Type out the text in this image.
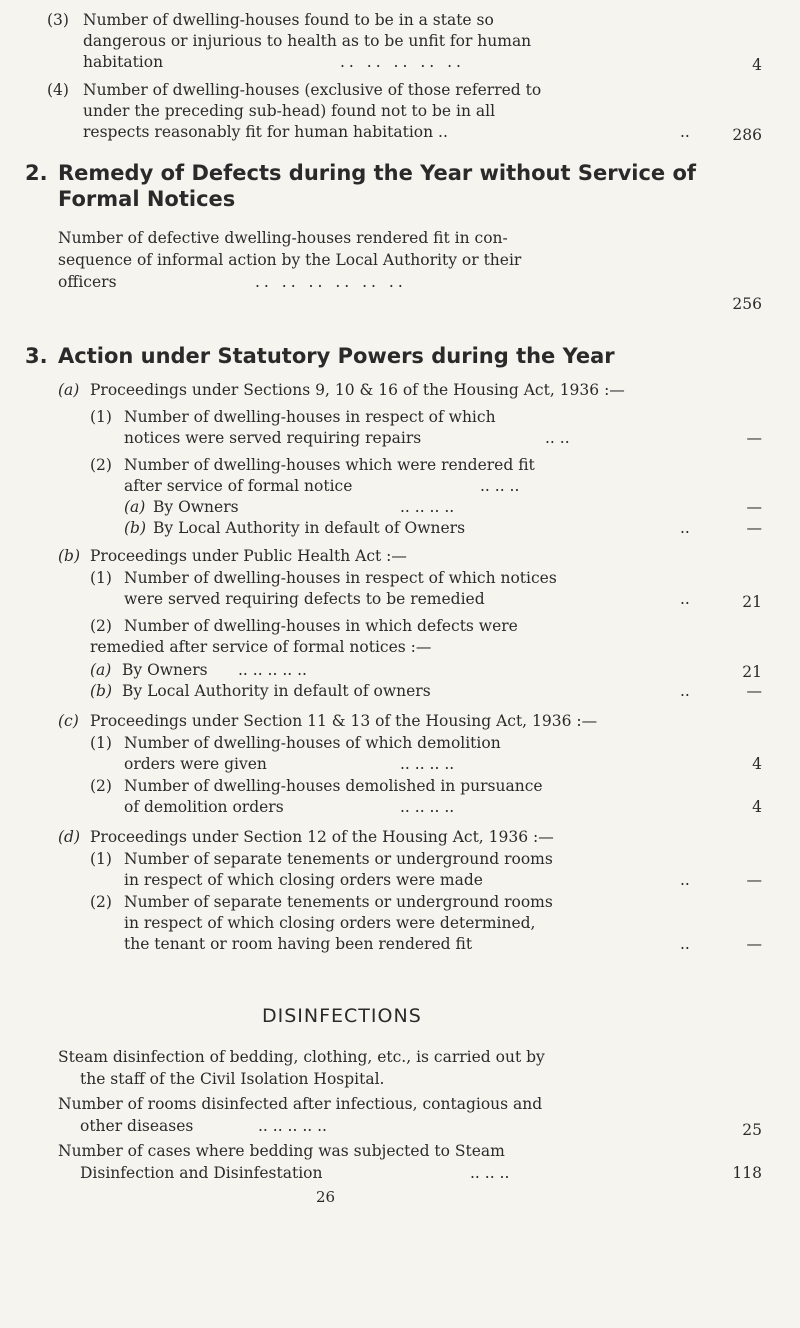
(3) Number of dwelling-houses found to be in a state so
dangerous or injurious to health as to be unfit for human
habitation	.. .. .. .. ..	4
(4) Number of dwelling-houses (exclusive of those referred to
under the preceding sub-head) found not to be in all
respects reasonably fit for human habitation ..	..	286
2. Remedy of Defects during the Year without Service of
Formal Notices
Number of defective dwelling-houses rendered fit in con-
sequence of informal action by the Local Authority or their
officers	.. .. .. .. .. ..
256
3. Action under Statutory Powers during the Year
(a) Proceedings under Sections 9, 10 & 16 of the Housing Act, 1936 :—
(1) Number of dwelling-houses in respect of which
notices were served requiring repairs	.. ..	—
(2) Number of dwelling-houses which were rendered fit
after service of formal notice	.. .. ..
(a) By Owners	.. .. .. ..	—
(b) By Local Authority in default of Owners	..	—
(b) Proceedings under Public Health Act :—
(1) Number of dwelling-houses in respect of which notices
were served requiring defects to be remedied	..	21
(2) Number of dwelling-houses in which defects were
remedied after service of formal notices :—
(a) By Owners .. .. .. .. ..	21
(b) By Local Authority in default of owners	..	—
(c) Proceedings under Section 11 & 13 of the Housing Act, 1936 :—
(1) Number of dwelling-houses of which demolition
orders were given	.. .. .. ..	4
(2) Number of dwelling-houses demolished in pursuance
of demolition orders	.. .. .. ..	4
(d) Proceedings under Section 12 of the Housing Act, 1936 :—
(1) Number of separate tenements or underground rooms
in respect of which closing orders were made	..	—
(2) Number of separate tenements or underground rooms
in respect of which closing orders were determined,
the tenant or room having been rendered fit	..	—
DISINFECTIONS
Steam disinfection of bedding, clothing, etc., is carried out by
the staff of the Civil Isolation Hospital.
Number of rooms disinfected after infectious, contagious and
other diseases	.. .. .. .. ..	25
Number of cases where bedding was subjected to Steam
Disinfection and Disinfestation	.. .. ..	118
26
